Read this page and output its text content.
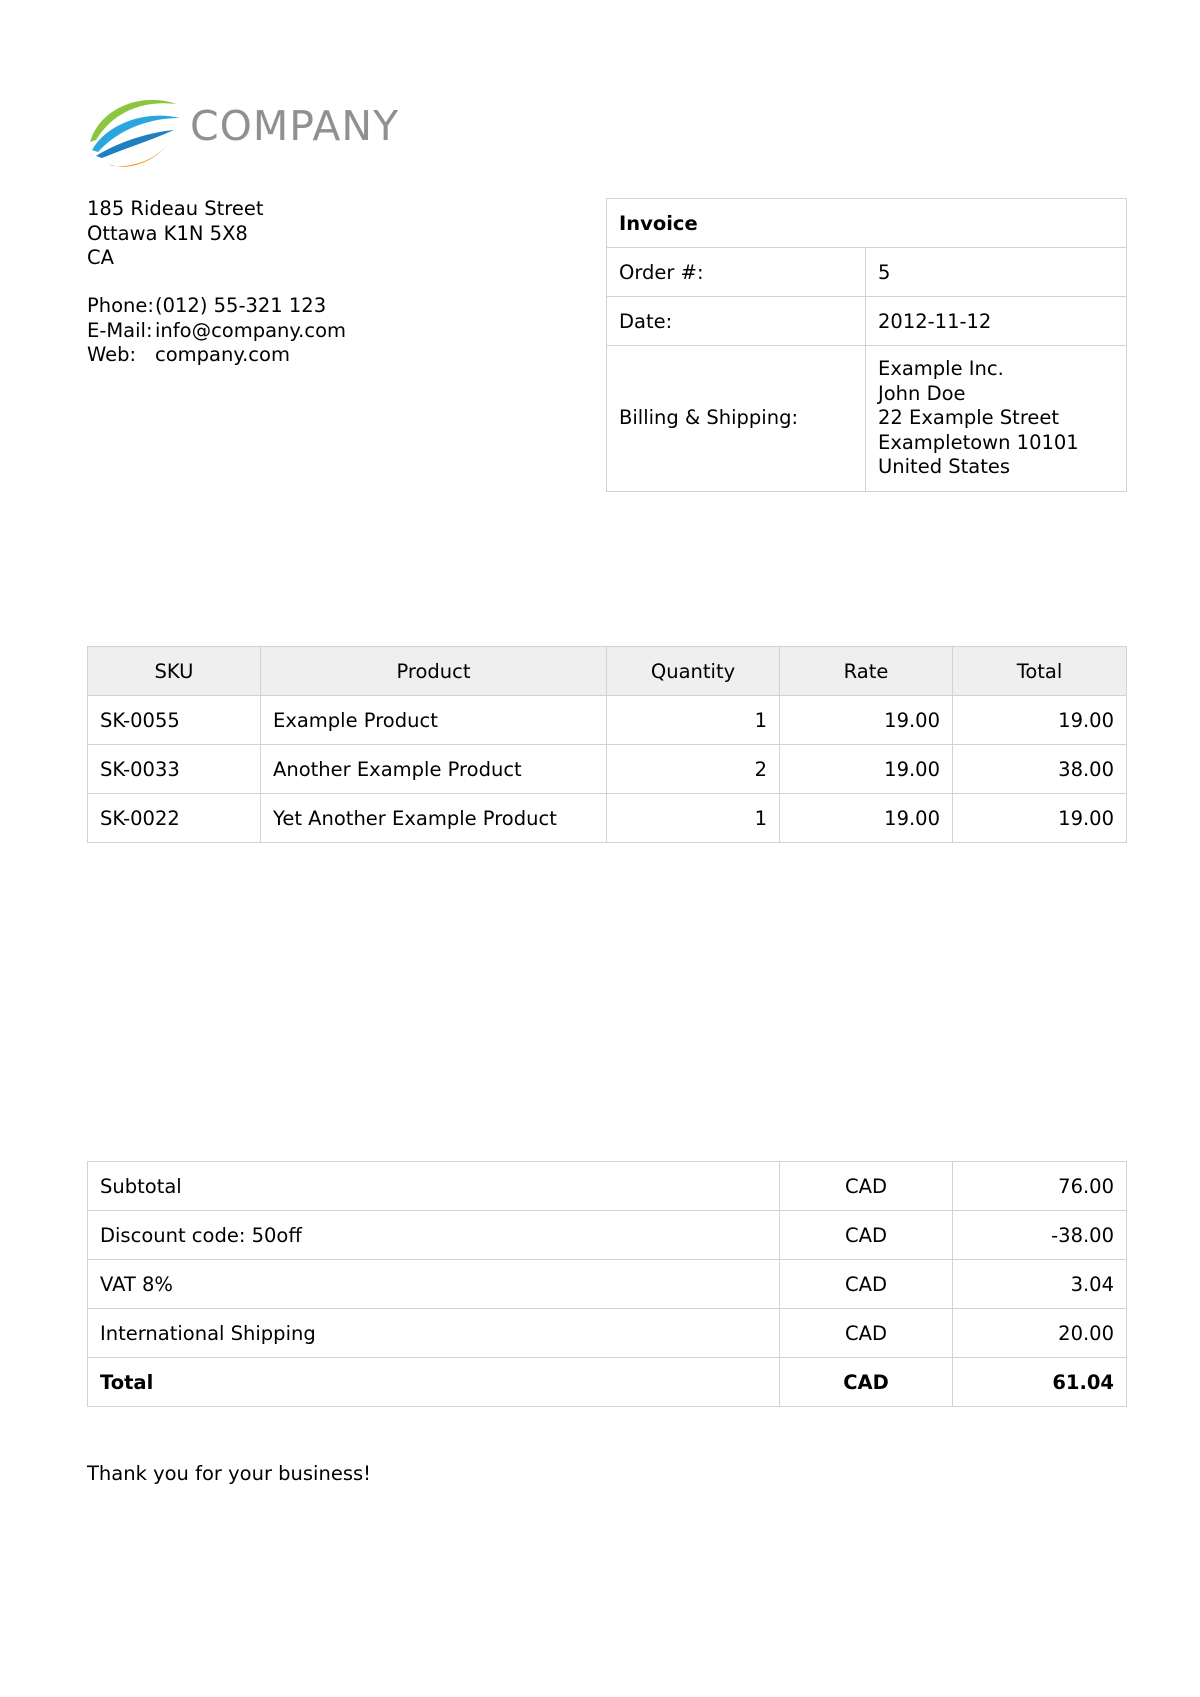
COMPANY
185 Rideau Street
Ottawa K1N 5X8
CA
Phone: (012) 55-321 123
E-Mail: info@company.com
Web: company.com
Invoice	
Order #:	5
Date:	2012-11-12
Billing & Shipping:	Example Inc.
John Doe
22 Example Street
Exampletown 10101
United States
SKU	Product	Quantity	Rate	Total
SK-0055	Example Product	1	19.00	19.00
SK-0033	Another Example Product	2	19.00	38.00
SK-0022	Yet Another Example Product	1	19.00	19.00
Subtotal	CAD	76.00
Discount code: 50off	CAD	-38.00
VAT 8%	CAD	3.04
International Shipping	CAD	20.00
Total	CAD	61.04
Thank you for your business!
